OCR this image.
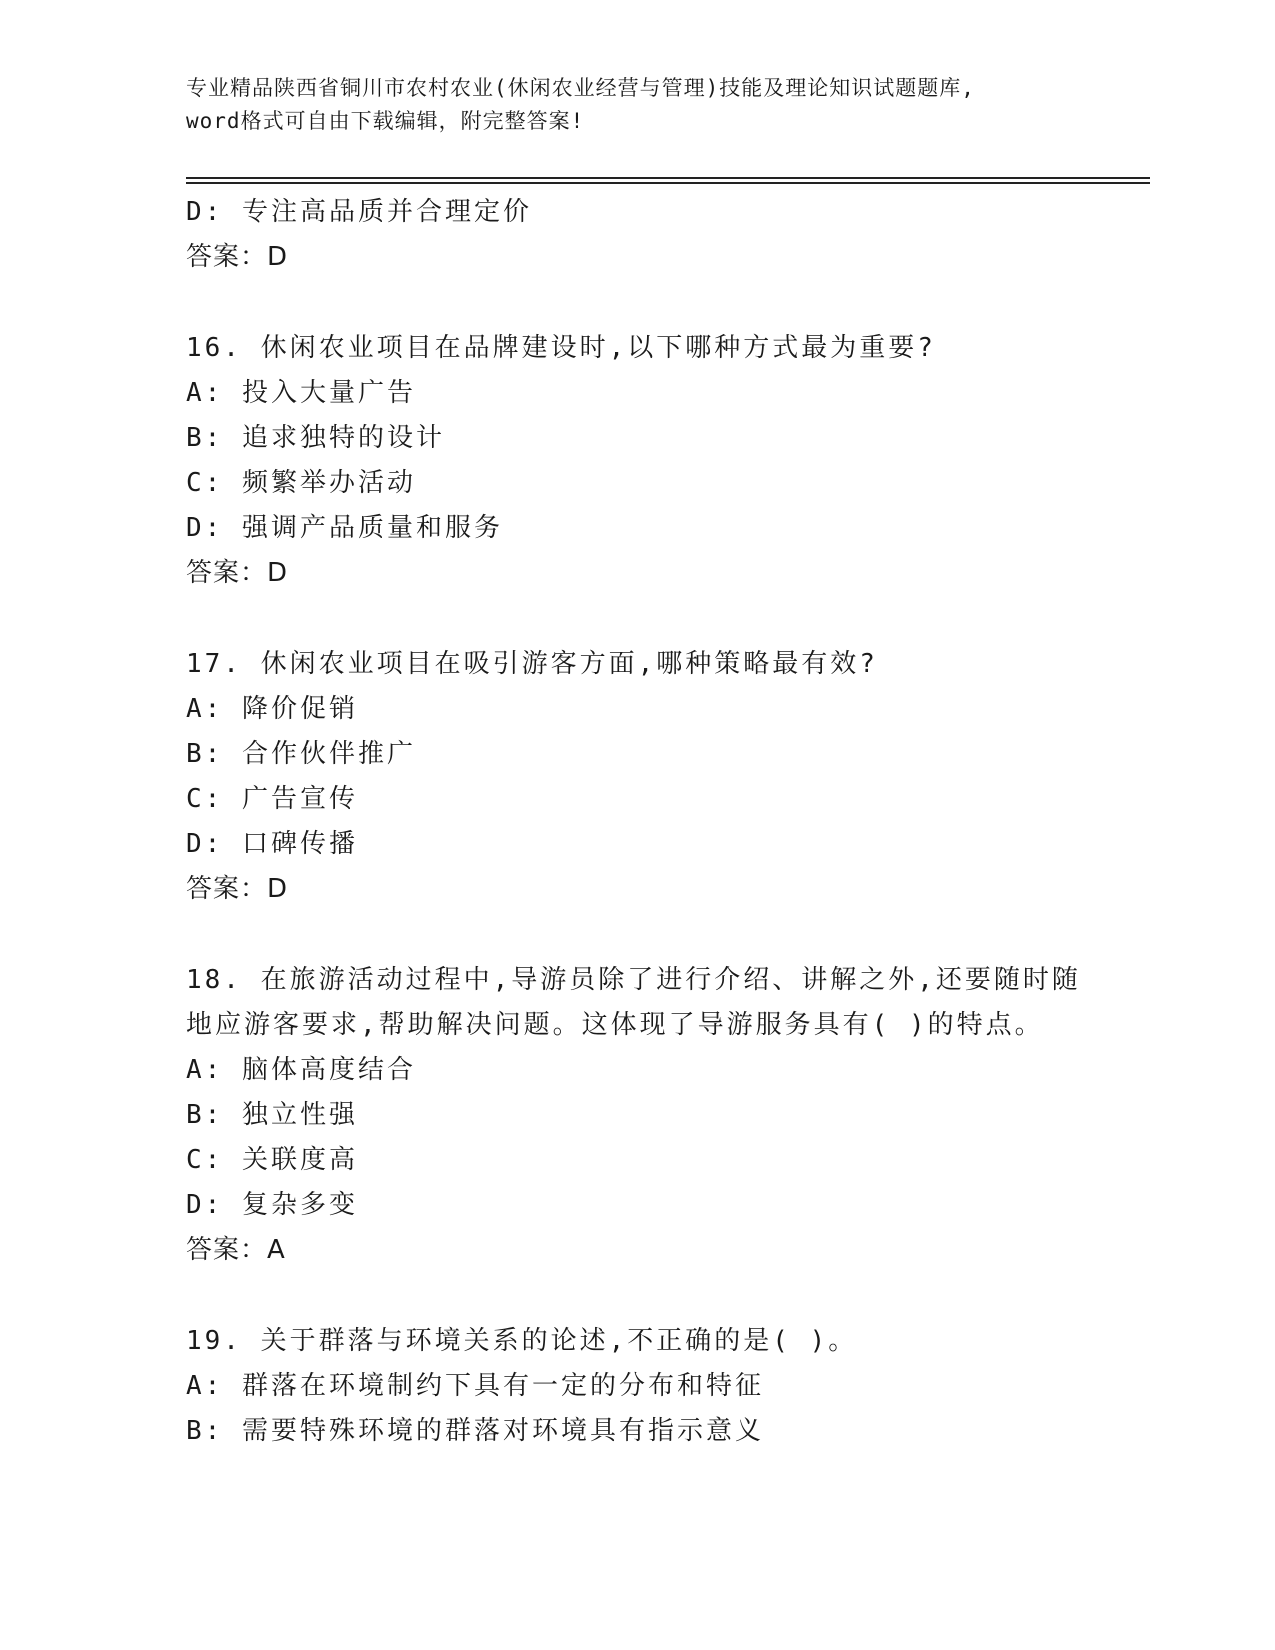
专业精品陕西省铜川市农村农业(休闲农业经营与管理)技能及理论知识试题题库,
word格式可自由下载编辑，附完整答案!
D: 专注高品质并合理定价
答案：D
16. 休闲农业项目在品牌建设时,以下哪种方式最为重要?
A: 投入大量广告
B: 追求独特的设计
C: 频繁举办活动
D: 强调产品质量和服务
答案：D
17. 休闲农业项目在吸引游客方面,哪种策略最有效?
A: 降价促销
B: 合作伙伴推广
C: 广告宣传
D: 口碑传播
答案：D
18. 在旅游活动过程中,导游员除了进行介绍、讲解之外,还要随时随
地应游客要求,帮助解决问题。这体现了导游服务具有( )的特点。
A: 脑体高度结合
B: 独立性强
C: 关联度高
D: 复杂多变
答案：A
19. 关于群落与环境关系的论述,不正确的是( )。
A: 群落在环境制约下具有一定的分布和特征
B: 需要特殊环境的群落对环境具有指示意义
